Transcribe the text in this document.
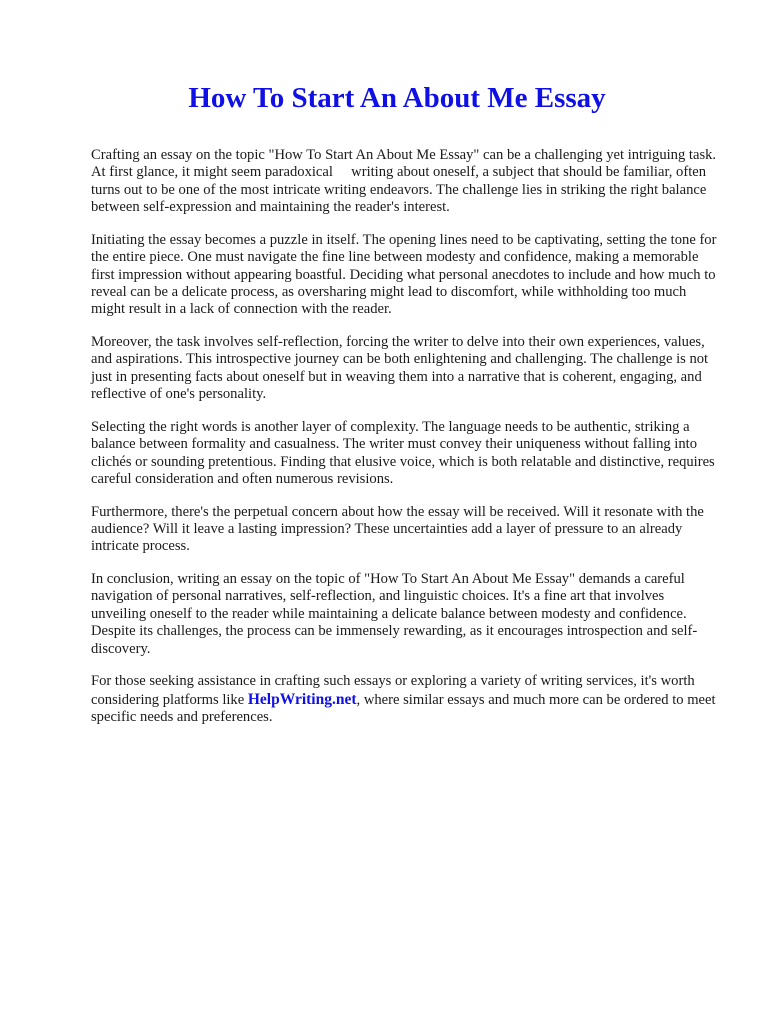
How To Start An About Me Essay

Crafting an essay on the topic "How To Start An About Me Essay" can be a challenging yet intriguing task. At first glance, it might seem paradoxical  writing about oneself, a subject that should be familiar, often turns out to be one of the most intricate writing endeavors. The challenge lies in striking the right balance between self-expression and maintaining the reader's interest.

Initiating the essay becomes a puzzle in itself. The opening lines need to be captivating, setting the tone for the entire piece. One must navigate the fine line between modesty and confidence, making a memorable first impression without appearing boastful. Deciding what personal anecdotes to include and how much to reveal can be a delicate process, as oversharing might lead to discomfort, while withholding too much might result in a lack of connection with the reader.

Moreover, the task involves self-reflection, forcing the writer to delve into their own experiences, values, and aspirations. This introspective journey can be both enlightening and challenging. The challenge is not just in presenting facts about oneself but in weaving them into a narrative that is coherent, engaging, and reflective of one's personality.

Selecting the right words is another layer of complexity. The language needs to be authentic, striking a balance between formality and casualness. The writer must convey their uniqueness without falling into clichés or sounding pretentious. Finding that elusive voice, which is both relatable and distinctive, requires careful consideration and often numerous revisions.

Furthermore, there's the perpetual concern about how the essay will be received. Will it resonate with the audience? Will it leave a lasting impression? These uncertainties add a layer of pressure to an already intricate process.

In conclusion, writing an essay on the topic of "How To Start An About Me Essay" demands a careful navigation of personal narratives, self-reflection, and linguistic choices. It's a fine art that involves unveiling oneself to the reader while maintaining a delicate balance between modesty and confidence. Despite its challenges, the process can be immensely rewarding, as it encourages introspection and self-discovery.

For those seeking assistance in crafting such essays or exploring a variety of writing services, it's worth considering platforms like HelpWriting.net, where similar essays and much more can be ordered to meet specific needs and preferences.
